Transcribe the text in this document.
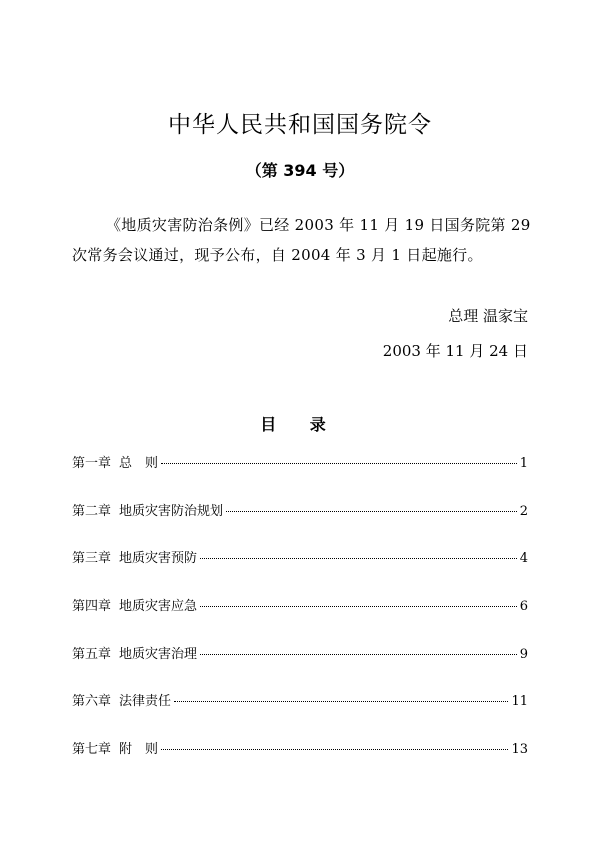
中华人民共和国国务院令
（第 394 号）
《地质灾害防治条例》已经 2003 年 11 月 19 日国务院第 29
次常务会议通过，现予公布，自 2004 年 3 月 1 日起施行。
总理 温家宝
2003 年 11 月 24 日
目 录
第一章 总　则	1
第二章 地质灾害防治规划	2
第三章 地质灾害预防	4
第四章 地质灾害应急	6
第五章 地质灾害治理	9
第六章 法律责任	11
第七章 附　则	13
